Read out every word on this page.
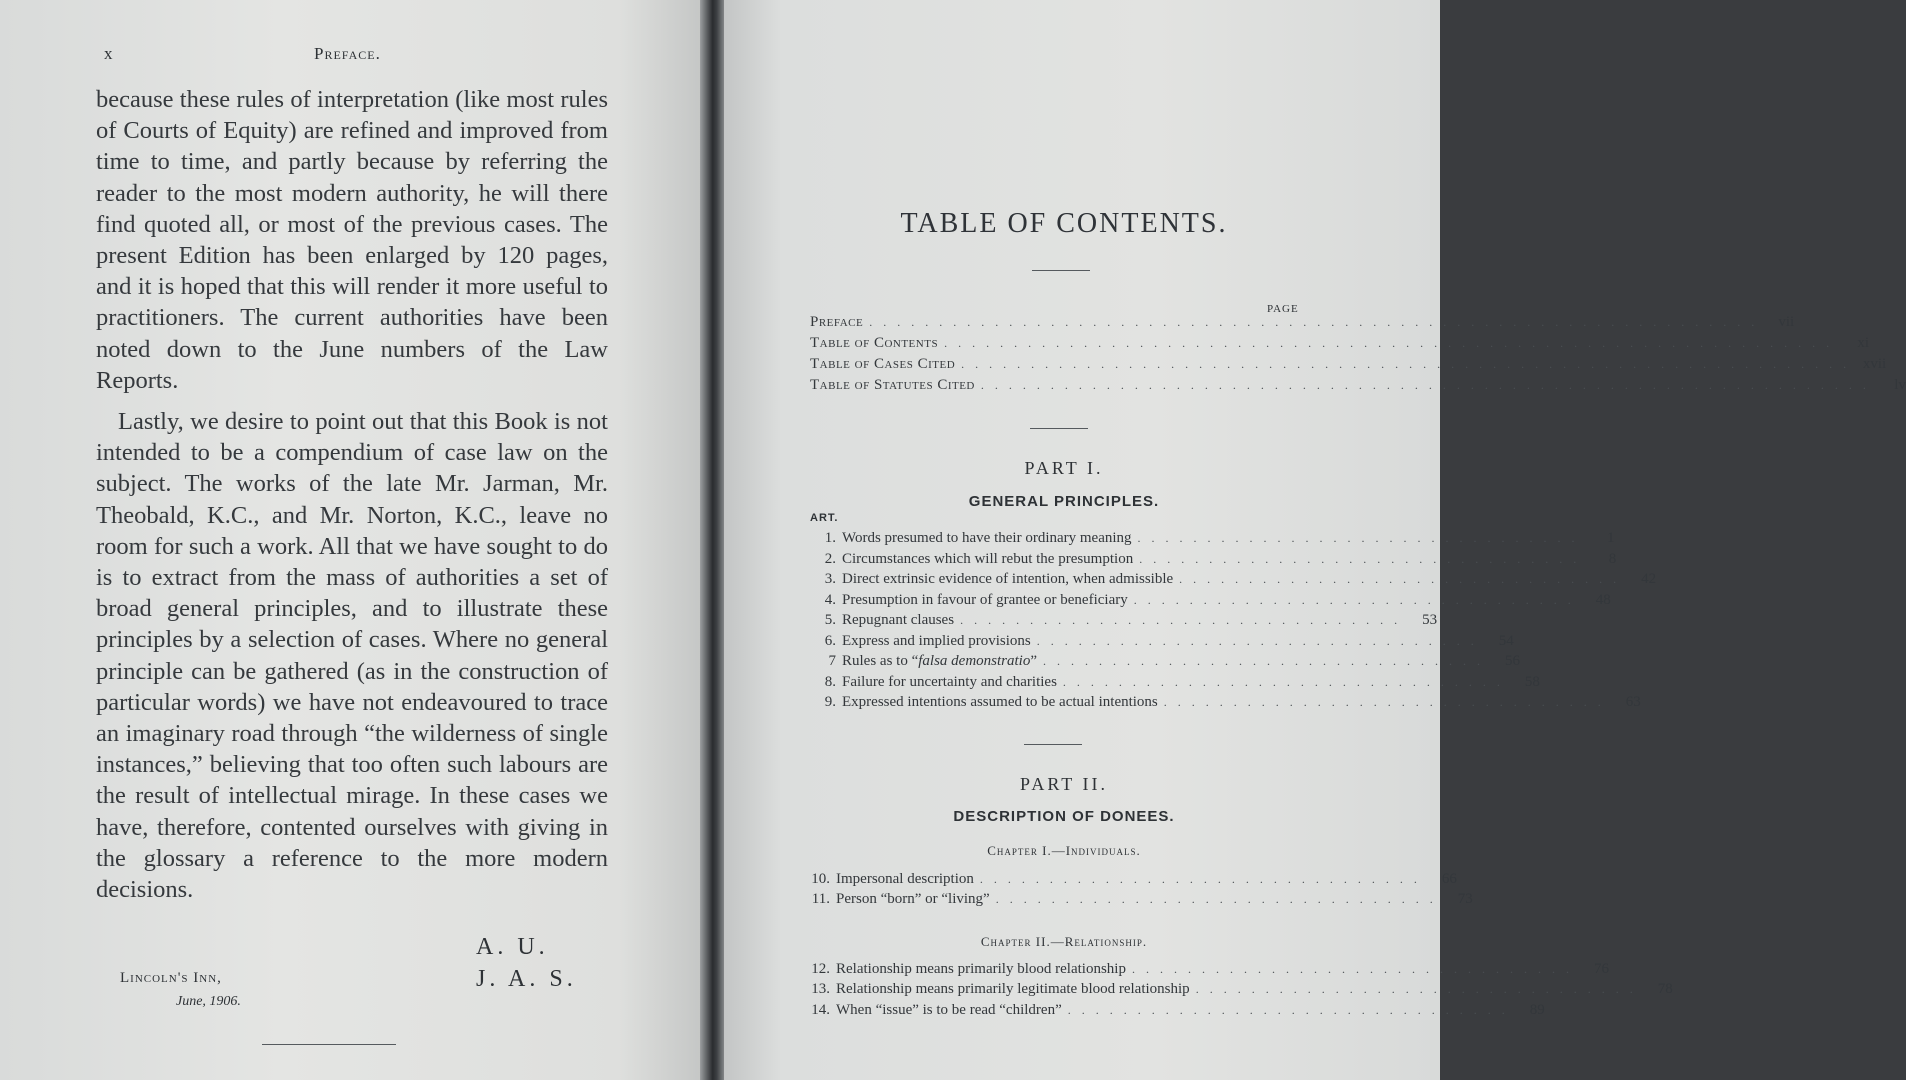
x	Preface.

because these rules of interpretation (like most rules of Courts of Equity) are refined and improved from time to time, and partly because by referring the reader to the most modern authority, he will there find quoted all, or most of the previous cases. The present Edition has been enlarged by 120 pages, and it is hoped that this will render it more useful to practitioners. The current authorities have been noted down to the June numbers of the Law Reports.

Lastly, we desire to point out that this Book is not intended to be a compendium of case law on the subject. The works of the late Mr. Jarman, Mr. Theobald, K.C., and Mr. Norton, K.C., leave no room for such a work. All that we have sought to do is to extract from the mass of authorities a set of broad general principles, and to illustrate these principles by a selection of cases. Where no general principle can be gathered (as in the construction of particular words) we have not endeavoured to trace an imaginary road through “the wilderness of single instances,” believing that too often such labours are the result of intellectual mirage. In these cases we have, therefore, contented ourselves with giving in the glossary a reference to the more modern decisions.

A. U.
J. A. S.
Lincoln's Inn,
June, 1906.
TABLE OF CONTENTS.
PAGE
Preface . . . . . . . . . . . . . . . . . . . . . . . . . . . . . . . . . . . . . . . . . . . . . . . . . . . . . . . . . . . . . . . .	vii
Table of Contents . . . . . . . . . . . . . . . . . . . . . . . . . . . . . . . . . . . . . . . . . . . . . . . . . . . . . . . . . . . . . . . .	xi
Table of Cases Cited . . . . . . . . . . . . . . . . . . . . . . . . . . . . . . . . . . . . . . . . . . . . . . . . . . . . . . . . . . . . . . . . xvii
Table of Statutes Cited . . . . . . . . . . . . . . . . . . . . . . . . . . . . . . . . . . . . . . . . . . . . . . . . . . . . . . . . . . . . . . . .	lv
PART I.
GENERAL PRINCIPLES.
ART.
1. Words presumed to have their ordinary meaning . . . . . . . . . . . . . . . . . . . . . . . . . . . . . . . .	1
2. Circumstances which will rebut the presumption . . . . . . . . . . . . . . . . . . . . . . . . . . . . . . . .	8
3. Direct extrinsic evidence of intention, when admissible . . . . . . . . . . . . . . . . . . . . . . . . . . . . . . . .	42
4. Presumption in favour of grantee or beneficiary . . . . . . . . . . . . . . . . . . . . . . . . . . . . . . . .	48
5. Repugnant clauses . . . . . . . . . . . . . . . . . . . . . . . . . . . . . . . .	53
6. Express and implied provisions . . . . . . . . . . . . . . . . . . . . . . . . . . . . . . . .	54
7 Rules as to “falsa demonstratio” . . . . . . . . . . . . . . . . . . . . . . . . . . . . . . . .	56
8. Failure for uncertainty and charities . . . . . . . . . . . . . . . . . . . . . . . . . . . . . . . .	58
9. Expressed intentions assumed to be actual intentions . . . . . . . . . . . . . . . . . . . . . . . . . . . . . . . .	63
PART II.
DESCRIPTION OF DONEES.
Chapter I.—Individuals.
10. Impersonal description . . . . . . . . . . . . . . . . . . . . . . . . . . . . . . . .	66
11. Person “born” or “living” . . . . . . . . . . . . . . . . . . . . . . . . . . . . . . . .	73
Chapter II.—Relationship.
12. Relationship means primarily blood relationship . . . . . . . . . . . . . . . . . . . . . . . . . . . . . . . .	76
13. Relationship means primarily legitimate blood relationship . . . . . . . . . . . . . . . . . . . . . . . . . . . . . . . .	78
14. When “issue” is to be read “children” . . . . . . . . . . . . . . . . . . . . . . . . . . . . . . . .	89
